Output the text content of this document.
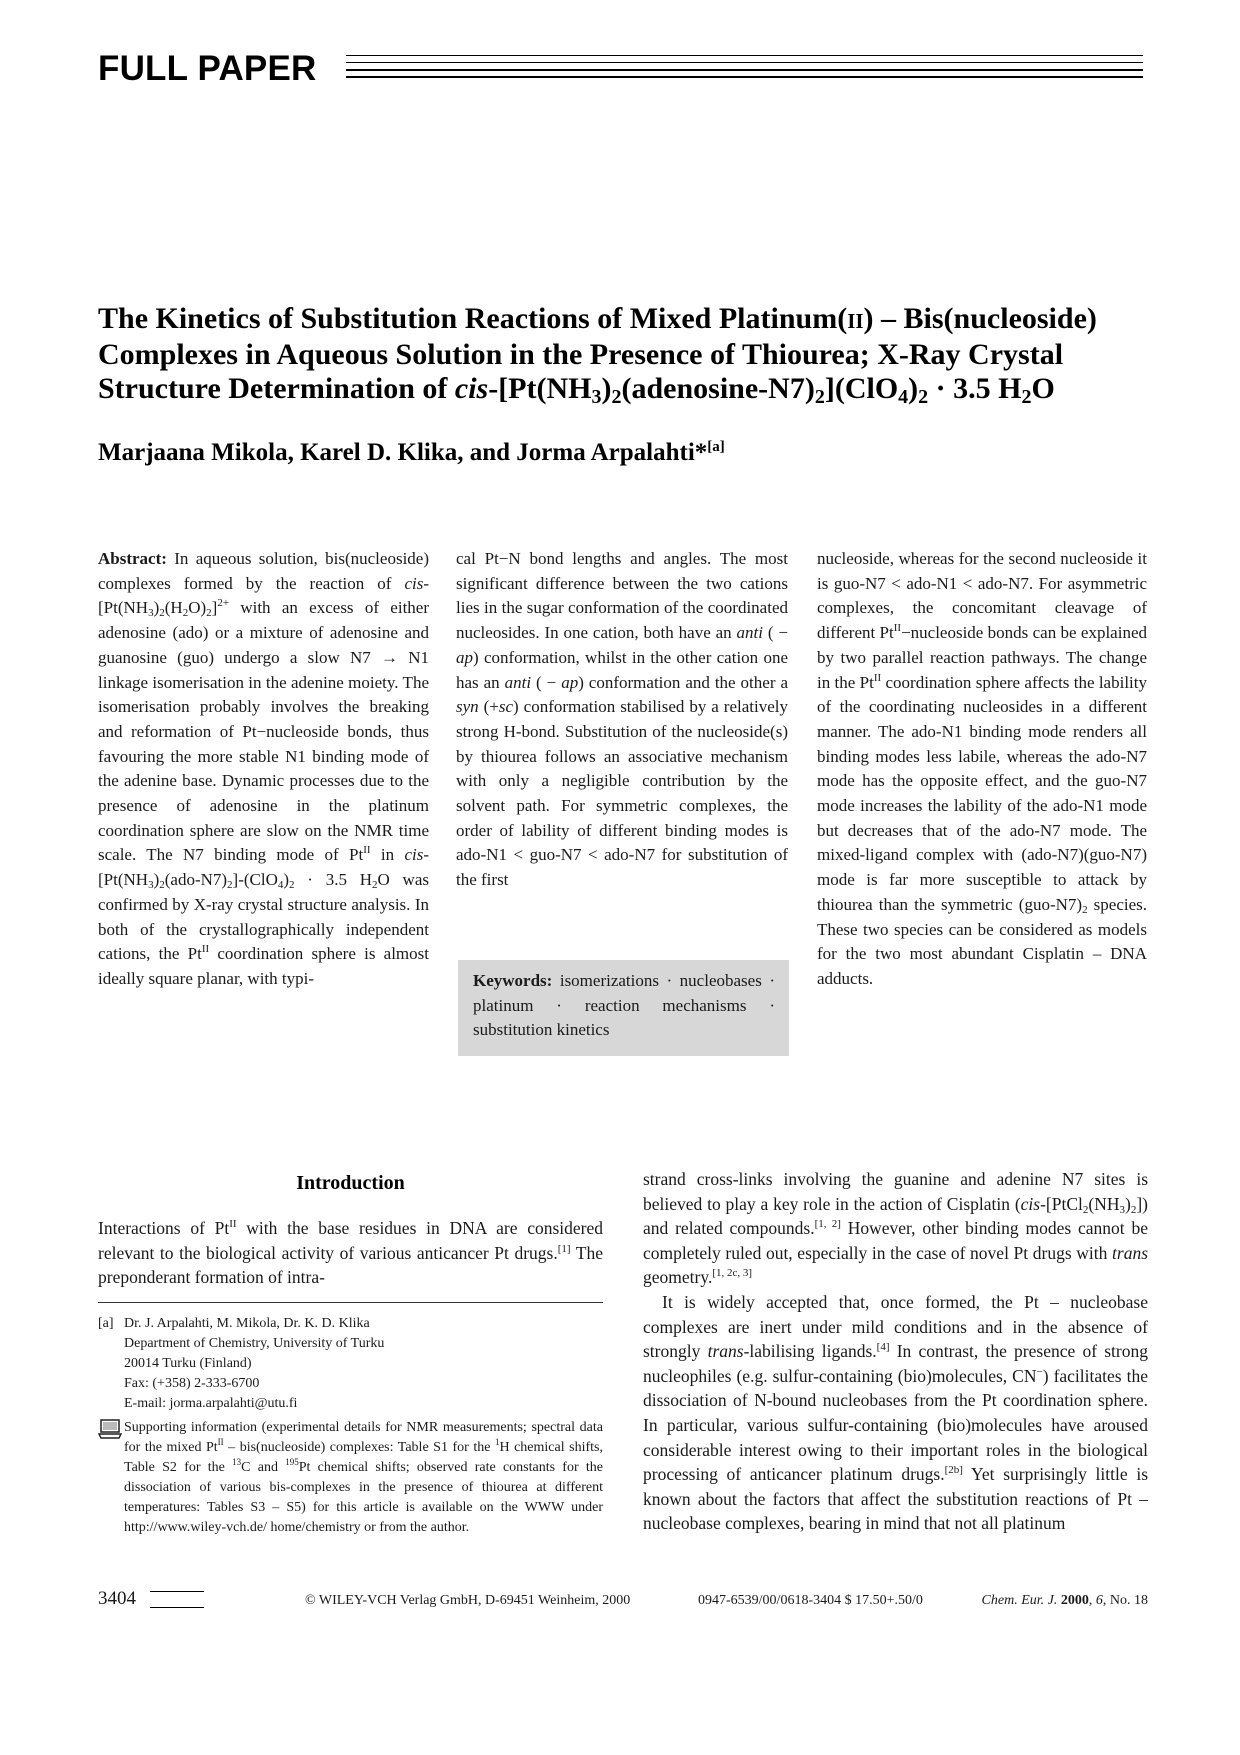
FULL PAPER
The Kinetics of Substitution Reactions of Mixed Platinum(II) – Bis(nucleoside) Complexes in Aqueous Solution in the Presence of Thiourea; X-Ray Crystal Structure Determination of cis-$[Pt(NH_3)_2(adenosine-N7)_2](ClO_4)_2 \cdot 3.5$ $H_2O$

Marjaana Mikola, Karel D. Klika, and Jorma Arpalahti*[a]

Abstract: In aqueous solution, bis(nucleoside) complexes formed by the reaction of cis-$[Pt(NH_3)_2(H_2O)_2]^{2+}$ with an excess of either adenosine (ado) or a mixture of adenosine and guanosine (guo) undergo a slow N7 → N1 linkage isomerisation in the adenine moiety. The isomerisation probably involves the breaking and reformation of Pt−nucleoside bonds, thus favouring the more stable N1 binding mode of the adenine base. Dynamic processes due to the presence of adenosine in the platinum coordination sphere are slow on the NMR time scale. The N7 binding mode of $Pt^{II}$ in cis-$[Pt(NH_3)_2(ado-N7)_2]-(ClO_4)_2 \cdot 3.5$ $H_2O$ was confirmed by X-ray crystal structure analysis. In both of the crystallographically independent cations, the $Pt^{II}$ coordination sphere is almost ideally square planar, with typi-

cal Pt−N bond lengths and angles. The most significant difference between the two cations lies in the sugar conformation of the coordinated nucleosides. In one cation, both have an anti ( − ap) conformation, whilst in the other cation one has an anti ( − ap) conformation and the other a syn (+sc) conformation stabilised by a relatively strong H-bond. Substitution of the nucleoside(s) by thiourea follows an associative mechanism with only a negligible contribution by the solvent path. For symmetric complexes, the order of lability of different binding modes is ado-N1 < guo-N7 < ado-N7 for substitution of the first

Keywords: isomerizations · nucleobases · platinum · reaction mechanisms · substitution kinetics

nucleoside, whereas for the second nucleoside it is guo-N7 < ado-N1 < ado-N7. For asymmetric complexes, the concomitant cleavage of different $Pt^{II}-nucleoside$ bonds can be explained by two parallel reaction pathways. The change in the $Pt^{II}$ coordination sphere affects the lability of the coordinating nucleosides in a different manner. The ado-N1 binding mode renders all binding modes less labile, whereas the ado-N7 mode has the opposite effect, and the guo-N7 mode increases the lability of the ado-N1 mode but decreases that of the ado-N7 mode. The mixed-ligand complex with (ado-N7)(guo-N7) mode is far more susceptible to attack by thiourea than the symmetric $(guo-N7)_2$ species. These two species can be considered as models for the two most abundant Cisplatin – DNA adducts.

Introduction

Interactions of $Pt^{II}$ with the base residues in DNA are considered relevant to the biological activity of various anticancer Pt drugs.[1] The preponderant formation of intra-

[a] Dr. J. Arpalahti, M. Mikola, Dr. K. D. Klika
Department of Chemistry, University of Turku
20014 Turku (Finland)
Fax: (+358) 2-333-6700
E-mail: jorma.arpalahti@utu.fi
Supporting information (experimental details for NMR measurements; spectral data for the mixed $Pt^{II}$ – bis(nucleoside) complexes: Table S1 for the $^1$H chemical shifts, Table S2 for the $^{13}$C and $^{195}$Pt chemical shifts; observed rate constants for the dissociation of various bis-complexes in the presence of thiourea at different temperatures: Tables S3 – S5) for this article is available on the WWW under http://www.wiley-vch.de/ home/chemistry or from the author.

strand cross-links involving the guanine and adenine N7 sites is believed to play a key role in the action of Cisplatin $(cis-[PtCl_2(NH_3)_2])$ and related compounds.[1, 2] However, other binding modes cannot be completely ruled out, especially in the case of novel Pt drugs with trans geometry.[1, 2c, 3]

It is widely accepted that, once formed, the Pt – nucleobase complexes are inert under mild conditions and in the absence of strongly trans-labilising ligands.[4] In contrast, the presence of strong nucleophiles (e.g. sulfur-containing (bio)molecules, CN−) facilitates the dissociation of N-bound nucleobases from the Pt coordination sphere. In particular, various sulfur-containing (bio)molecules have aroused considerable interest owing to their important roles in the biological processing of anticancer platinum drugs.[2b] Yet surprisingly little is known about the factors that affect the substitution reactions of Pt – nucleobase complexes, bearing in mind that not all platinum

3404	© WILEY-VCH Verlag GmbH, D-69451 Weinheim, 2000	0947-6539/00/0618-3404 $ 17.50+.50/0	Chem. Eur. J. 2000, 6, No. 18
